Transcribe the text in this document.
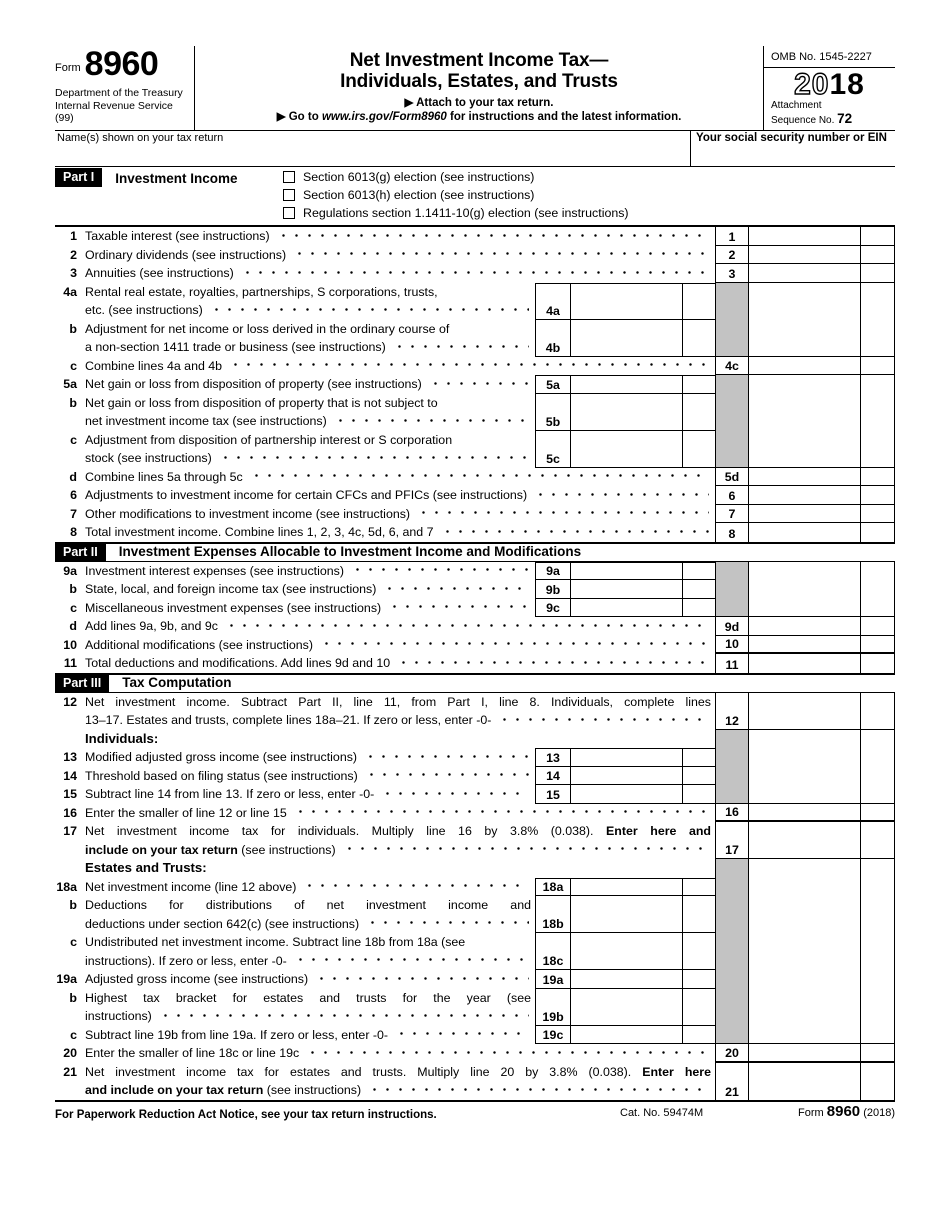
Form 8960
Department of the Treasury
Internal Revenue Service (99)
Net Investment Income Tax—
Individuals, Estates, and Trusts
▶ Attach to your tax return.
▶ Go to www.irs.gov/Form8960 for instructions and the latest information.
OMB No. 1545-2227
2018
Attachment
Sequence No. 72
Name(s) shown on your tax return	Your social security number or EIN
Part I	Investment Income	Section 6013(g) election (see instructions)
Section 6013(h) election (see instructions)
Regulations section 1.1411-10(g) election (see instructions)
1 Taxable interest (see instructions)	1
2 Ordinary dividends (see instructions)	2
3 Annuities (see instructions)	3
4a Rental real estate, royalties, partnerships, S corporations, trusts,
etc. (see instructions)	4a
b Adjustment for net income or loss derived in the ordinary course of
a non-section 1411 trade or business (see instructions)	4b
c Combine lines 4a and 4b	4c
5a Net gain or loss from disposition of property (see instructions)	5a
b Net gain or loss from disposition of property that is not subject to
net investment income tax (see instructions)	5b
c Adjustment from disposition of partnership interest or S corporation
stock (see instructions)	5c
d Combine lines 5a through 5c	5d
6 Adjustments to investment income for certain CFCs and PFICs (see instructions)	6
7 Other modifications to investment income (see instructions)	7
8 Total investment income. Combine lines 1, 2, 3, 4c, 5d, 6, and 7	8
Part II	Investment Expenses Allocable to Investment Income and Modifications
9a Investment interest expenses (see instructions)	9a
b State, local, and foreign income tax (see instructions)	9b
c Miscellaneous investment expenses (see instructions)	9c
d Add lines 9a, 9b, and 9c	9d
10 Additional modifications (see instructions)	10
11 Total deductions and modifications. Add lines 9d and 10	11
Part III	Tax Computation
12 Net investment income. Subtract Part II, line 11, from Part I, line 8. Individuals, complete lines
13–17. Estates and trusts, complete lines 18a–21. If zero or less, enter -0-	12
Individuals:
13 Modified adjusted gross income (see instructions)	13
14 Threshold based on filing status (see instructions)	14
15 Subtract line 14 from line 13. If zero or less, enter -0-	15
16 Enter the smaller of line 12 or line 15	16
17 Net investment income tax for individuals. Multiply line 16 by 3.8% (0.038). Enter here and
include on your tax return (see instructions)	17
Estates and Trusts:
18a Net investment income (line 12 above)	18a
b Deductions for distributions of net investment income and
deductions under section 642(c) (see instructions)	18b
c Undistributed net investment income. Subtract line 18b from 18a (see
instructions). If zero or less, enter -0-	18c
19a Adjusted gross income (see instructions)	19a
b Highest tax bracket for estates and trusts for the year (see
instructions)	19b
c Subtract line 19b from line 19a. If zero or less, enter -0-	19c
20 Enter the smaller of line 18c or line 19c	20
21 Net investment income tax for estates and trusts. Multiply line 20 by 3.8% (0.038). Enter here
and include on your tax return (see instructions)	21
For Paperwork Reduction Act Notice, see your tax return instructions.	Cat. No. 59474M	Form 8960 (2018)
